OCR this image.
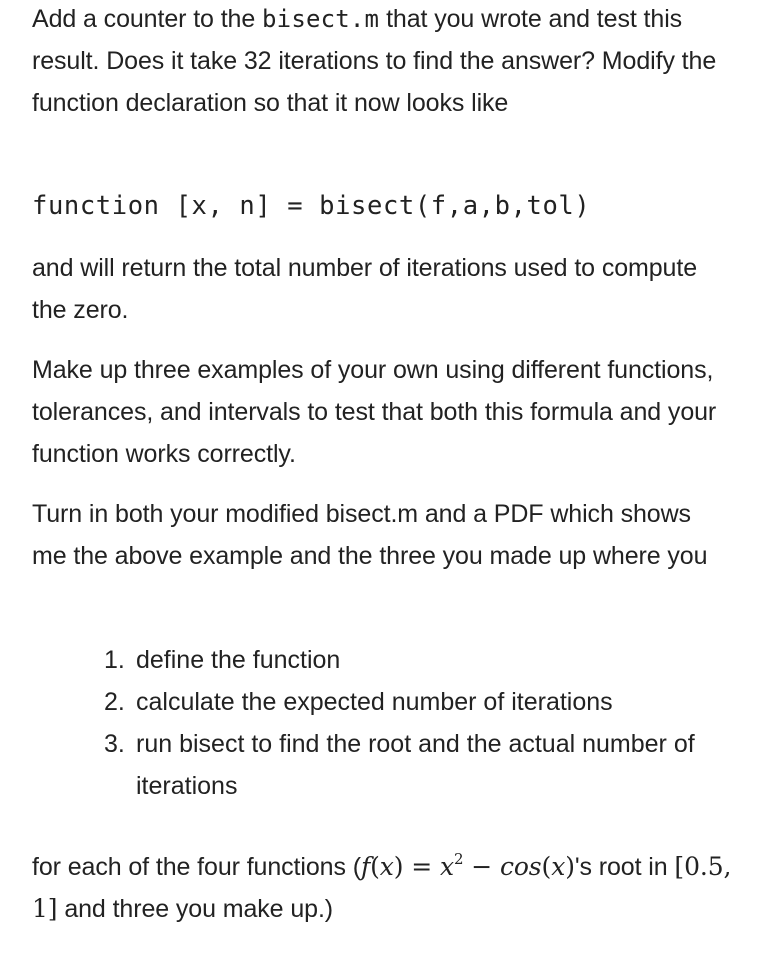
Add a counter to the bisect.m that you wrote and test this result. Does it take 32 iterations to find the answer? Modify the function declaration so that it now looks like

function [x, n] = bisect(f,a,b,tol)

and will return the total number of iterations used to compute the zero.

Make up three examples of your own using different functions, tolerances, and intervals to test that both this formula and your function works correctly.

Turn in both your modified bisect.m and a PDF which shows me the above example and the three you made up where you

1. define the function
2. calculate the expected number of iterations
3. run bisect to find the root and the actual number of iterations

for each of the four functions ($f(x) = x^2 - \cos(x)'s$ root in [0.5, 1] and three you make up.)
